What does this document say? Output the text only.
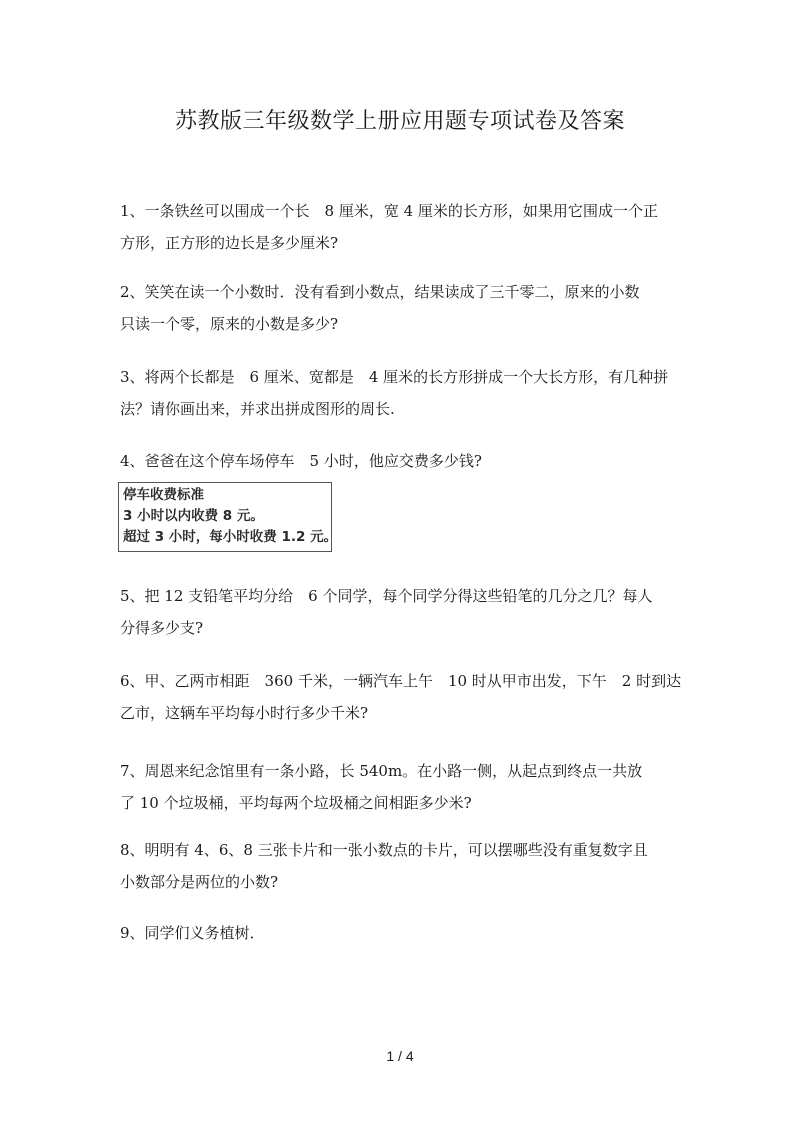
苏教版三年级数学上册应用题专项试卷及答案
1、一条铁丝可以围成一个长　8 厘米，宽 4 厘米的长方形，如果用它围成一个正
方形，正方形的边长是多少厘米?
2、笑笑在读一个小数时．没有看到小数点，结果读成了三千零二，原来的小数
只读一个零，原来的小数是多少?
3、将两个长都是　6 厘米、宽都是　4 厘米的长方形拼成一个大长方形，有几种拼
法？请你画出来，并求出拼成图形的周长.
4、爸爸在这个停车场停车　5 小时，他应交费多少钱?
停车收费标准
3 小时以内收费 8 元。
超过 3 小时，每小时收费 1.2 元。
5、把 12 支铅笔平均分给　6 个同学，每个同学分得这些铅笔的几分之几？每人
分得多少支?
6、甲、乙两市相距　360 千米，一辆汽车上午　10 时从甲市出发，下午　2 时到达
乙市，这辆车平均每小时行多少千米?
7、周恩来纪念馆里有一条小路，长 540m。在小路一侧，从起点到终点一共放
了 10 个垃圾桶，平均每两个垃圾桶之间相距多少米?
8、明明有 4、6、8 三张卡片和一张小数点的卡片，可以摆哪些没有重复数字且
小数部分是两位的小数?
9、同学们义务植树．
1 / 4
